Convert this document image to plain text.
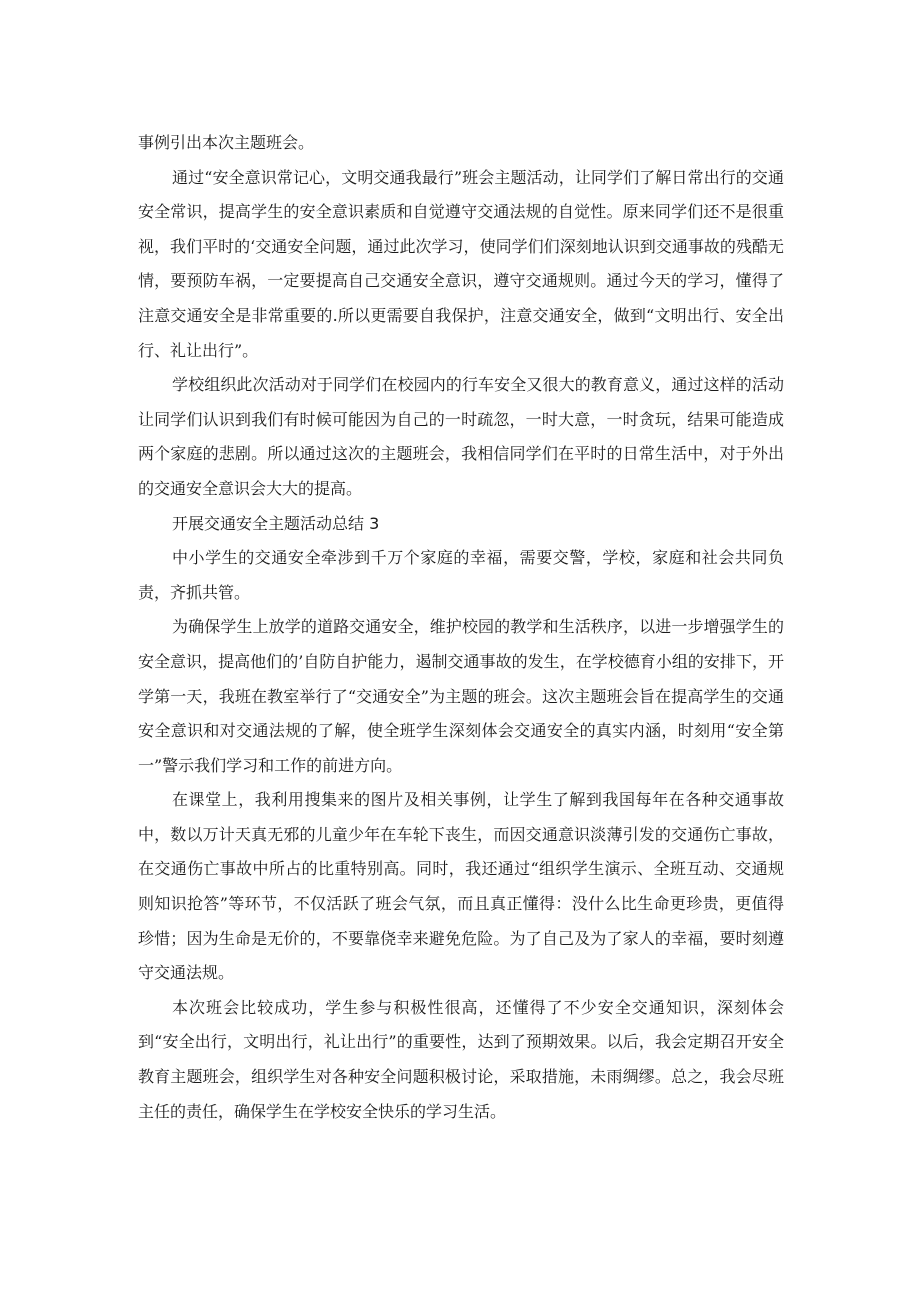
事例引出本次主题班会。

通过“安全意识常记心，文明交通我最行”班会主题活动，让同学们了解日常出行的交通安全常识，提高学生的安全意识素质和自觉遵守交通法规的自觉性。原来同学们还不是很重视，我们平时的‘交通安全问题，通过此次学习，使同学们们深刻地认识到交通事故的残酷无情，要预防车祸，一定要提高自己交通安全意识，遵守交通规则。通过今天的学习，懂得了注意交通安全是非常重要的.所以更需要自我保护，注意交通安全，做到“文明出行、安全出行、礼让出行”。

学校组织此次活动对于同学们在校园内的行车安全又很大的教育意义，通过这样的活动让同学们认识到我们有时候可能因为自己的一时疏忽，一时大意，一时贪玩，结果可能造成两个家庭的悲剧。所以通过这次的主题班会，我相信同学们在平时的日常生活中，对于外出的交通安全意识会大大的提高。

开展交通安全主题活动总结 3

中小学生的交通安全牵涉到千万个家庭的幸福，需要交警，学校，家庭和社会共同负责，齐抓共管。

为确保学生上放学的道路交通安全，维护校园的教学和生活秩序，以进一步增强学生的安全意识，提高他们的’自防自护能力，遏制交通事故的发生，在学校德育小组的安排下，开学第一天，我班在教室举行了“交通安全”为主题的班会。这次主题班会旨在提高学生的交通安全意识和对交通法规的了解，使全班学生深刻体会交通安全的真实内涵，时刻用“安全第一”警示我们学习和工作的前进方向。

在课堂上，我利用搜集来的图片及相关事例，让学生了解到我国每年在各种交通事故中，数以万计天真无邪的儿童少年在车轮下丧生，而因交通意识淡薄引发的交通伤亡事故，在交通伤亡事故中所占的比重特别高。同时，我还通过“组织学生演示、全班互动、交通规则知识抢答”等环节，不仅活跃了班会气氛，而且真正懂得：没什么比生命更珍贵，更值得珍惜；因为生命是无价的，不要靠侥幸来避免危险。为了自己及为了家人的幸福，要时刻遵守交通法规。

本次班会比较成功，学生参与积极性很高，还懂得了不少安全交通知识，深刻体会到“安全出行，文明出行，礼让出行”的重要性，达到了预期效果。以后，我会定期召开安全教育主题班会，组织学生对各种安全问题积极讨论，采取措施，未雨绸缪。总之，我会尽班主任的责任，确保学生在学校安全快乐的学习生活。
